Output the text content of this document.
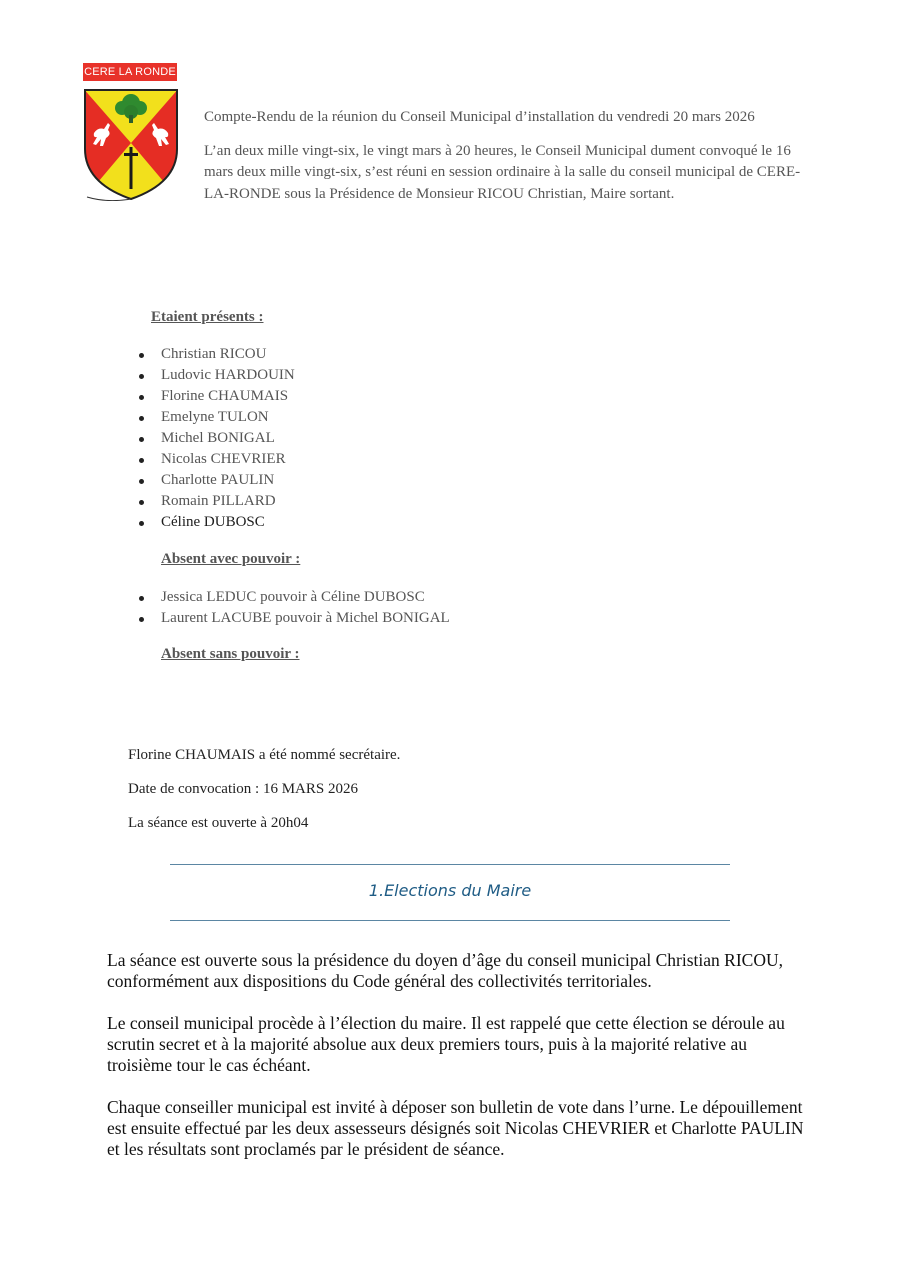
CERE LA RONDE

Compte-Rendu de la réunion du Conseil Municipal d’installation du vendredi 20 mars 2026

L’an deux mille vingt-six, le vingt mars à 20 heures, le Conseil Municipal dument convoqué le 16 mars deux mille vingt-six, s’est réuni en session ordinaire à la salle du conseil municipal de CERE-LA-RONDE sous la Présidence de Monsieur RICOU Christian, Maire sortant.

Etaient présents :
Christian RICOU
Ludovic HARDOUIN
Florine CHAUMAIS
Emelyne TULON
Michel BONIGAL
Nicolas CHEVRIER
Charlotte PAULIN
Romain PILLARD
Céline DUBOSC
Absent avec pouvoir :
Jessica LEDUC pouvoir à Céline DUBOSC
Laurent LACUBE pouvoir à Michel BONIGAL
Absent sans pouvoir :
Florine CHAUMAIS a été nommé secrétaire.
Date de convocation : 16 MARS 2026
La séance est ouverte à 20h04
1.Elections du Maire

La séance est ouverte sous la présidence du doyen d’âge du conseil municipal Christian RICOU, conformément aux dispositions du Code général des collectivités territoriales.

Le conseil municipal procède à l’élection du maire. Il est rappelé que cette élection se déroule au scrutin secret et à la majorité absolue aux deux premiers tours, puis à la majorité relative au troisième tour le cas échéant.

Chaque conseiller municipal est invité à déposer son bulletin de vote dans l’urne. Le dépouillement est ensuite effectué par les deux assesseurs désignés soit Nicolas CHEVRIER et Charlotte PAULIN et les résultats sont proclamés par le président de séance.
